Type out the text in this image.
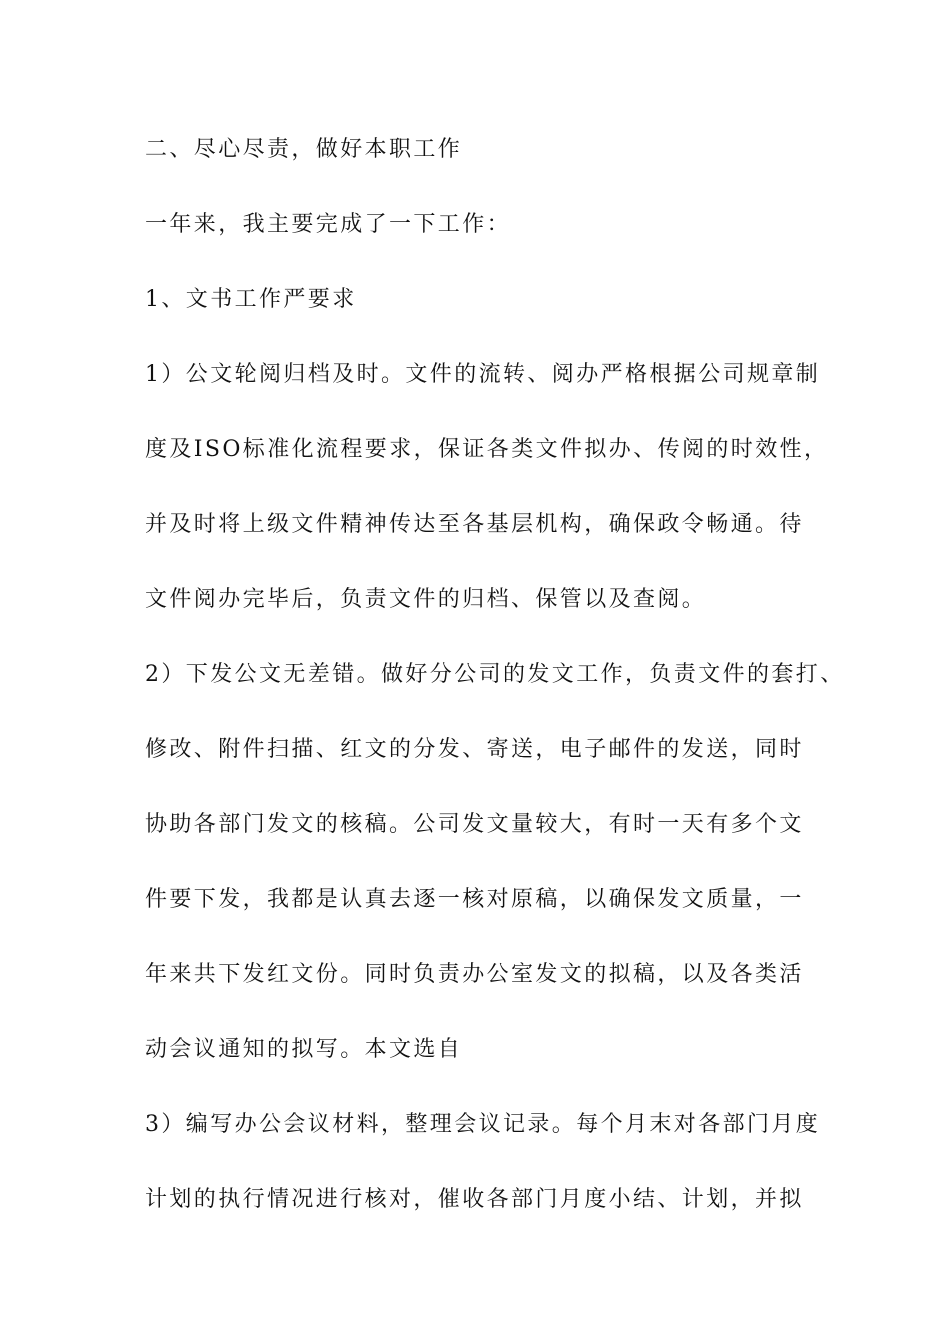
二、尽心尽责，做好本职工作
一年来，我主要完成了一下工作：
1、文书工作严要求
1）公文轮阅归档及时。文件的流转、阅办严格根据公司规章制
度及ISO标准化流程要求，保证各类文件拟办、传阅的时效性，
并及时将上级文件精神传达至各基层机构，确保政令畅通。待
文件阅办完毕后，负责文件的归档、保管以及查阅。
2）下发公文无差错。做好分公司的发文工作，负责文件的套打、
修改、附件扫描、红文的分发、寄送，电子邮件的发送，同时
协助各部门发文的核稿。公司发文量较大，有时一天有多个文
件要下发，我都是认真去逐一核对原稿，以确保发文质量，一
年来共下发红文份。同时负责办公室发文的拟稿，以及各类活
动会议通知的拟写。本文选自
3）编写办公会议材料，整理会议记录。每个月末对各部门月度
计划的执行情况进行核对，催收各部门月度小结、计划，并拟
